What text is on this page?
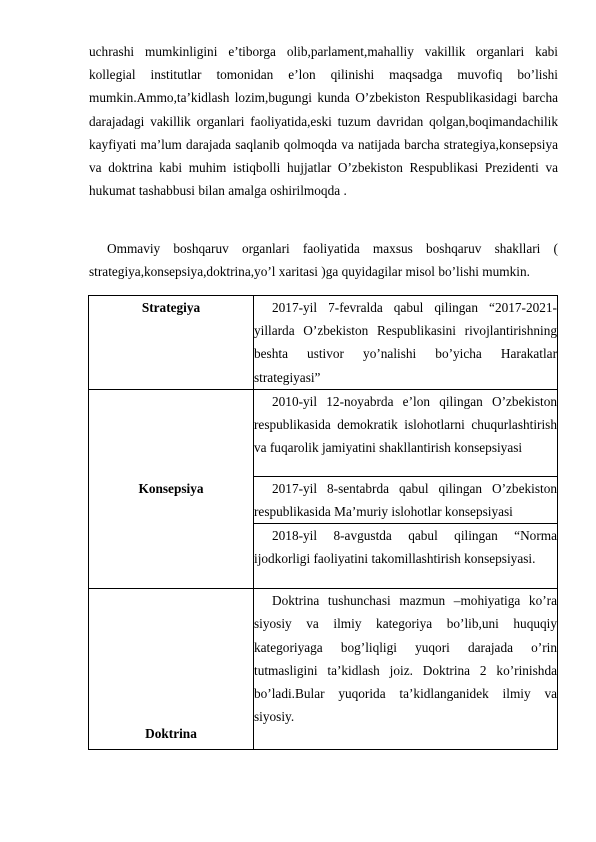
uchrashi mumkinligini e’tiborga olib,parlament,mahalliy vakillik organlari kabi kollegial institutlar tomonidan e’lon qilinishi maqsadga muvofiq bo’lishi mumkin.Ammo,ta’kidlash lozim,bugungi kunda O’zbekiston Respublikasidagi barcha darajadagi vakillik organlari faoliyatida,eski tuzum davridan qolgan,boqimandachilik kayfiyati ma’lum darajada saqlanib qolmoqda va natijada barcha strategiya,konsepsiya va doktrina kabi muhim istiqbolli hujjatlar O’zbekiston Respublikasi Prezidenti va hukumat tashabbusi bilan amalga oshirilmoqda .

Ommaviy boshqaruv organlari faoliyatida maxsus boshqaruv shakllari ( strategiya,konsepsiya,doktrina,yo’l xaritasi )ga quyidagilar misol bo’lishi mumkin.

Strategiya	2017-yil 7-fevralda qabul qilingan “2017-2021-yillarda O’zbekiston Respublikasini rivojlantirishning beshta ustivor yo’nalishi bo’yicha Harakatlar strategiyasi”

Konsepsiya	2010-yil 12-noyabrda e’lon qilingan O’zbekiston respublikasida demokratik islohotlarni chuqurlashtirish va fuqarolik jamiyatini shakllantirish konsepsiyasi

	2017-yil 8-sentabrda qabul qilingan O’zbekiston respublikasida Ma’muriy islohotlar konsepsiyasi

	2018-yil 8-avgustda qabul qilingan “Norma ijodkorligi faoliyatini takomillashtirish konsepsiyasi.

Doktrina	Doktrina tushunchasi mazmun –mohiyatiga ko’ra siyosiy va ilmiy kategoriya bo’lib,uni huquqiy kategoriyaga bog’liqligi yuqori darajada o’rin tutmasligini ta’kidlash joiz. Doktrina 2 ko’rinishda bo’ladi.Bular yuqorida ta’kidlanganidek ilmiy va siyosiy.
